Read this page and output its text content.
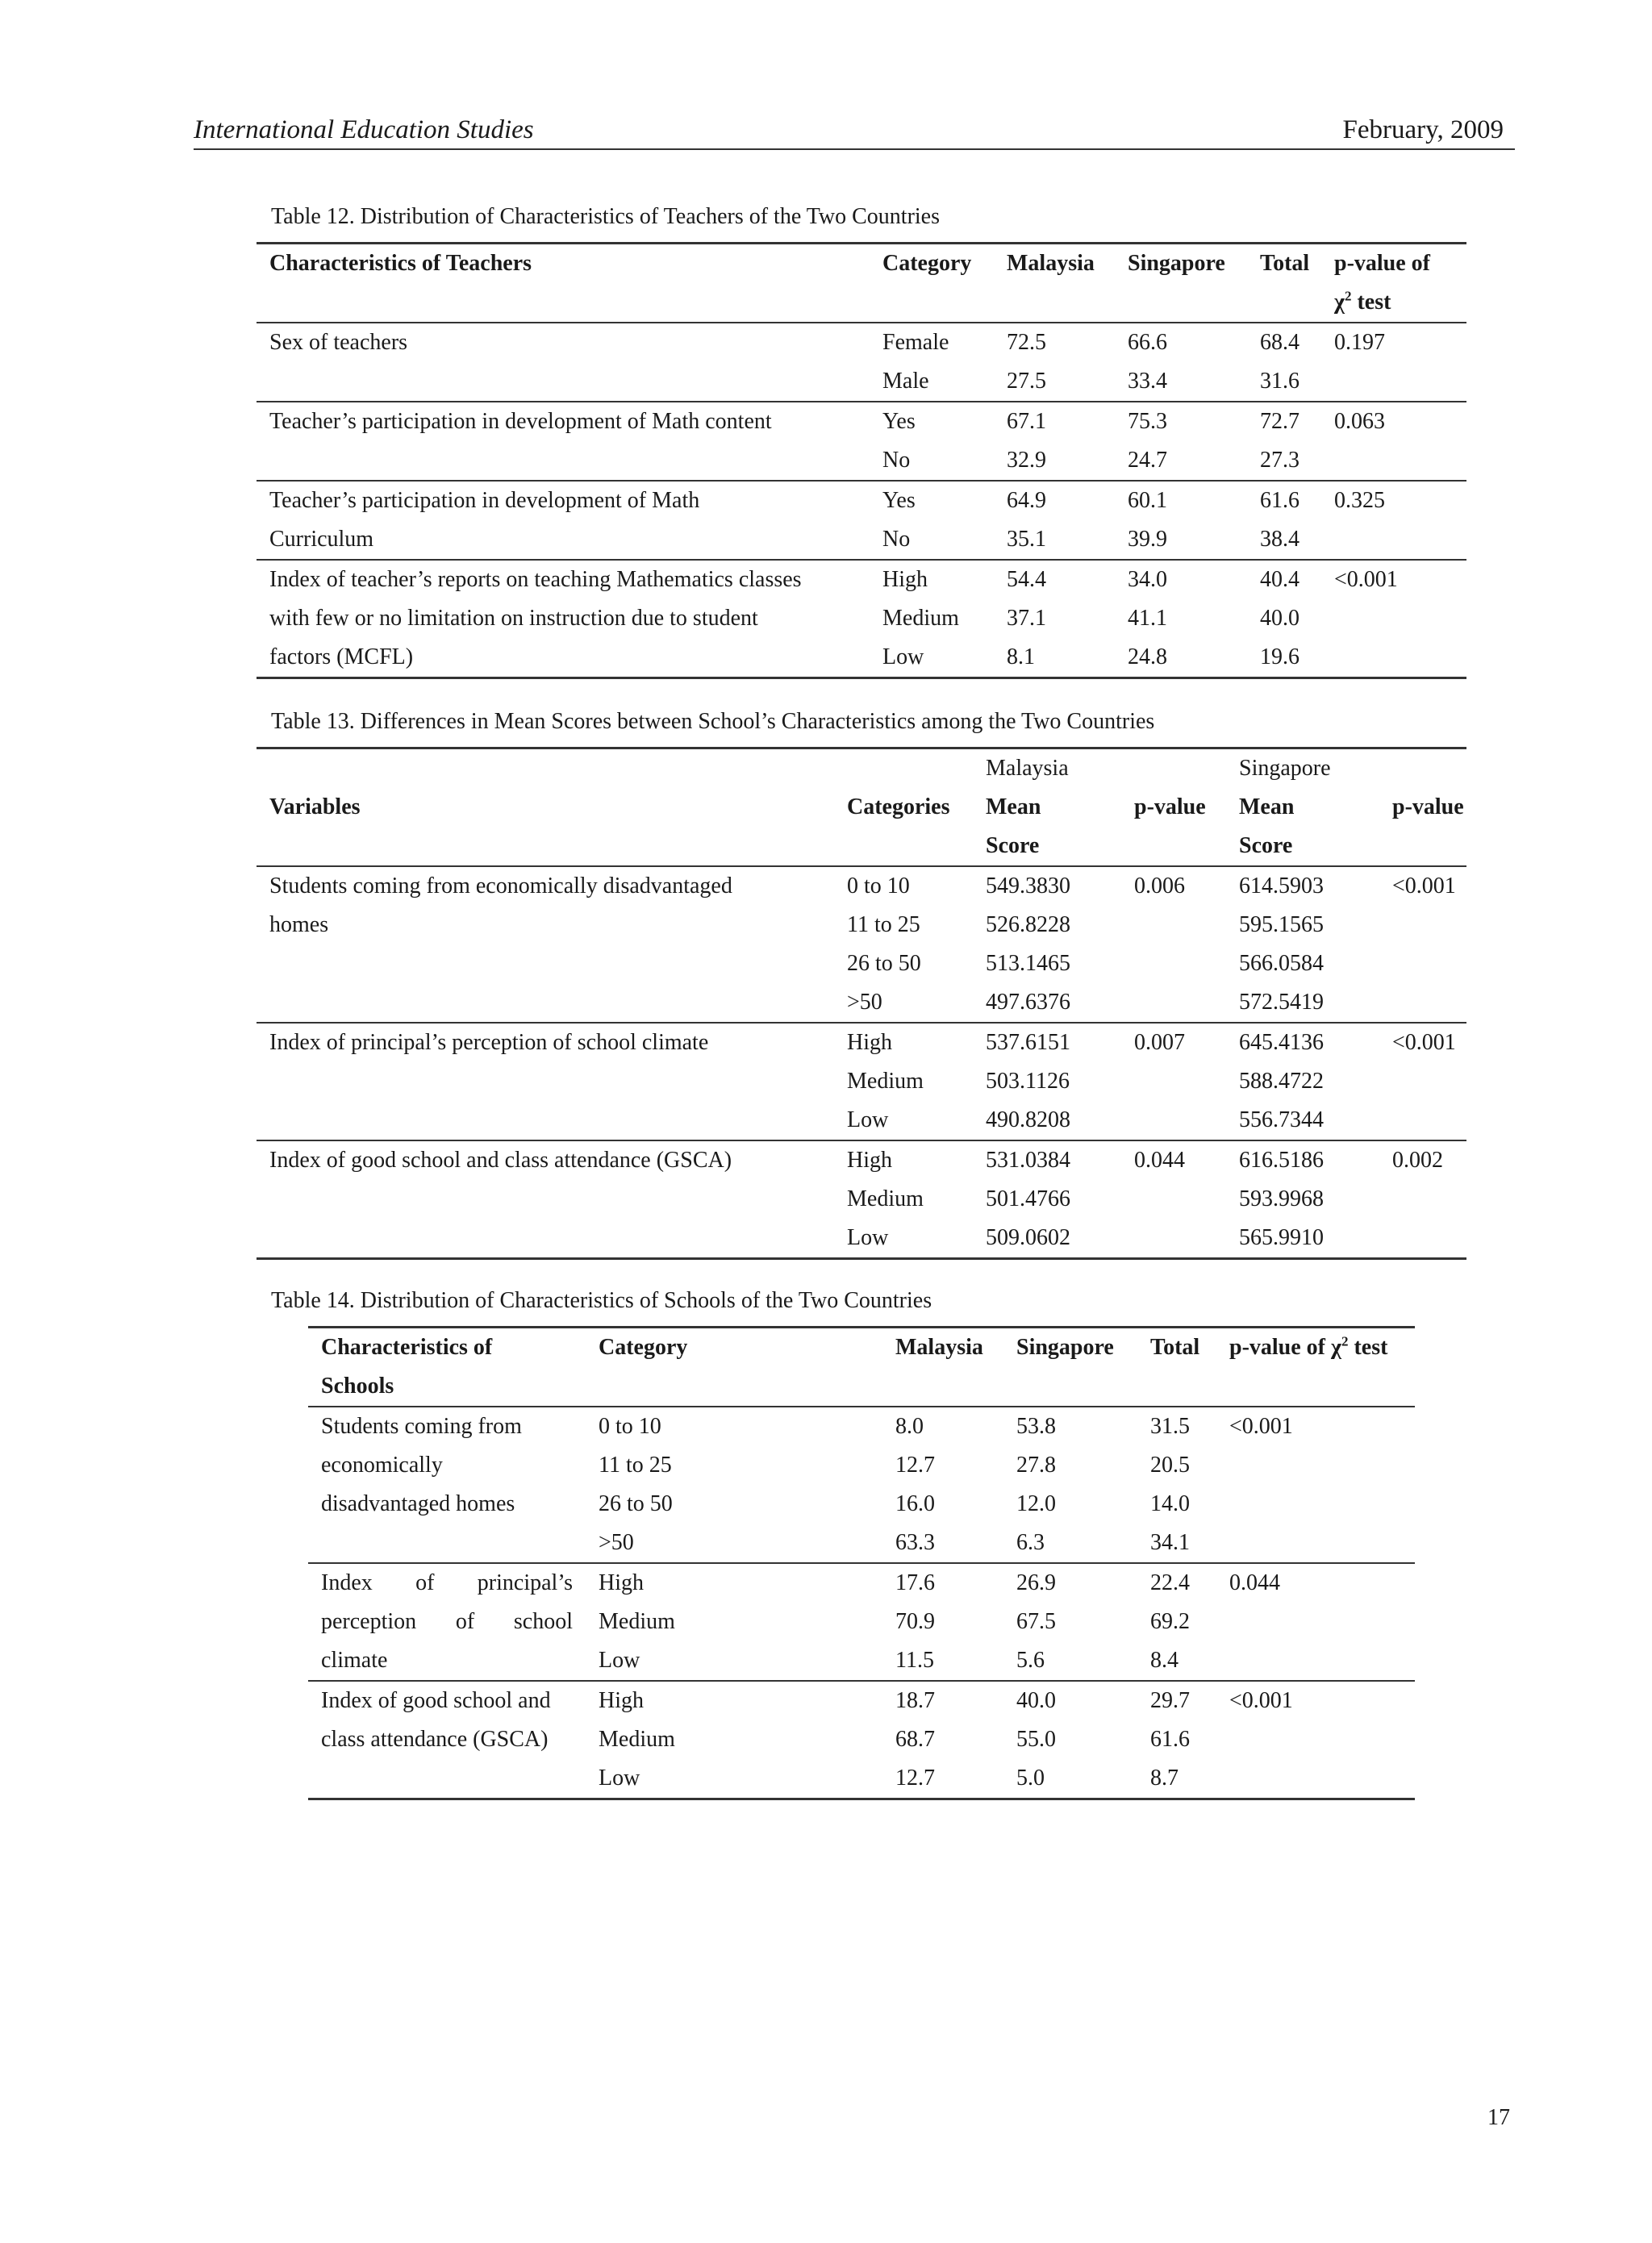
International Education Studies	February, 2009
Table 12. Distribution of Characteristics of Teachers of the Two Countries
Characteristics of Teachers	Category	Malaysia	Singapore	Total	p-value of
					$\chi^2$ test
Sex of teachers	Female	72.5	66.6	68.4	0.197
	Male	27.5	33.4	31.6	
Teacher’s participation in development of Math content	Yes	67.1	75.3	72.7	0.063
	No	32.9	24.7	27.3	
Teacher’s participation in development of Math	Yes	64.9	60.1	61.6	0.325
Curriculum	No	35.1	39.9	38.4	
Index of teacher’s reports on teaching Mathematics classes	High	54.4	34.0	40.4	<0.001
with few or no limitation on instruction due to student	Medium	37.1	41.1	40.0	
factors (MCFL)	Low	8.1	24.8	19.6	
Table 13. Differences in Mean Scores between School’s Characteristics among the Two Countries
		Malaysia		Singapore	
Variables	Categories	Mean	p-value	Mean	p-value
		Score		Score	
Students coming from economically disadvantaged	0 to 10	549.3830	0.006	614.5903	<0.001
homes	11 to 25	526.8228		595.1565	
	26 to 50	513.1465		566.0584	
	>50	497.6376		572.5419	
Index of principal’s perception of school climate	High	537.6151	0.007	645.4136	<0.001
	Medium	503.1126		588.4722	
	Low	490.8208		556.7344	
Index of good school and class attendance (GSCA)	High	531.0384	0.044	616.5186	0.002
	Medium	501.4766		593.9968	
	Low	509.0602		565.9910	
Table 14. Distribution of Characteristics of Schools of the Two Countries
Characteristics of	Category	Malaysia	Singapore	Total	p-value of $\chi^2$ test
Schools					
Students coming from	0 to 10	8.0	53.8	31.5	<0.001
economically	11 to 25	12.7	27.8	20.5	
disadvantaged homes	26 to 50	16.0	12.0	14.0	
	>50	63.3	6.3	34.1	
Index of principal’s	High	17.6	26.9	22.4	0.044
perception of school	Medium	70.9	67.5	69.2	
climate	Low	11.5	5.6	8.4	
Index of good school and	High	18.7	40.0	29.7	<0.001
class attendance (GSCA)	Medium	68.7	55.0	61.6	
	Low	12.7	5.0	8.7	
17
